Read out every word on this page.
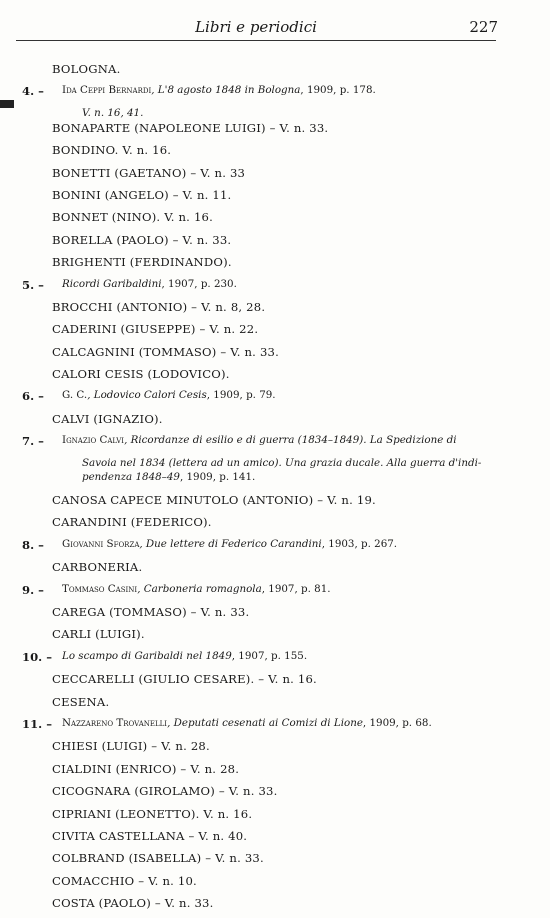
Libri e periodici	227
BOLOGNA.
4. –	Ida Ceppi Bernardi, L'8 agosto 1848 in Bologna, 1909, p. 178.
V. n. 16, 41.
BONAPARTE (NAPOLEONE LUIGI) – V. n. 33.
BONDINO. V. n. 16.
BONETTI (GAETANO) – V. n. 33
BONINI (ANGELO) – V. n. 11.
BONNET (NINO). V. n. 16.
BORELLA (PAOLO) – V. n. 33.
BRIGHENTI (FERDINANDO).
5. –	Ricordi Garibaldini, 1907, p. 230.
BROCCHI (ANTONIO) – V. n. 8, 28.
CADERINI (GIUSEPPE) – V. n. 22.
CALCAGNINI (TOMMASO) – V. n. 33.
CALORI CESIS (LODOVICO).
6. –	G. C., Lodovico Calori Cesis, 1909, p. 79.
CALVI (IGNAZIO).
7. –	Ignazio Calvi, Ricordanze di esilio e di guerra (1834–1849). La Spedizione di
Savoia nel 1834 (lettera ad un amico). Una grazia ducale. Alla guerra d'indi-
pendenza 1848–49, 1909, p. 141.
CANOSA CAPECE MINUTOLO (ANTONIO) – V. n. 19.
CARANDINI (FEDERICO).
8. –	Giovanni Sforza, Due lettere di Federico Carandini, 1903, p. 267.
CARBONERIA.
9. –	Tommaso Casini, Carboneria romagnola, 1907, p. 81.
CAREGA (TOMMASO) – V. n. 33.
CARLI (LUIGI).
10. – Lo scampo di Garibaldi nel 1849, 1907, p. 155.
CECCARELLI (GIULIO CESARE). – V. n. 16.
CESENA.
11. – Nazzareno Trovanelli, Deputati cesenati ai Comizi di Lione, 1909, p. 68.
CHIESI (LUIGI) – V. n. 28.
CIALDINI (ENRICO) – V. n. 28.
CICOGNARA (GIROLAMO) – V. n. 33.
CIPRIANI (LEONETTO). V. n. 16.
CIVITA CASTELLANA – V. n. 40.
COLBRAND (ISABELLA) – V. n. 33.
COMACCHIO – V. n. 10.
COSTA (PAOLO) – V. n. 33.
